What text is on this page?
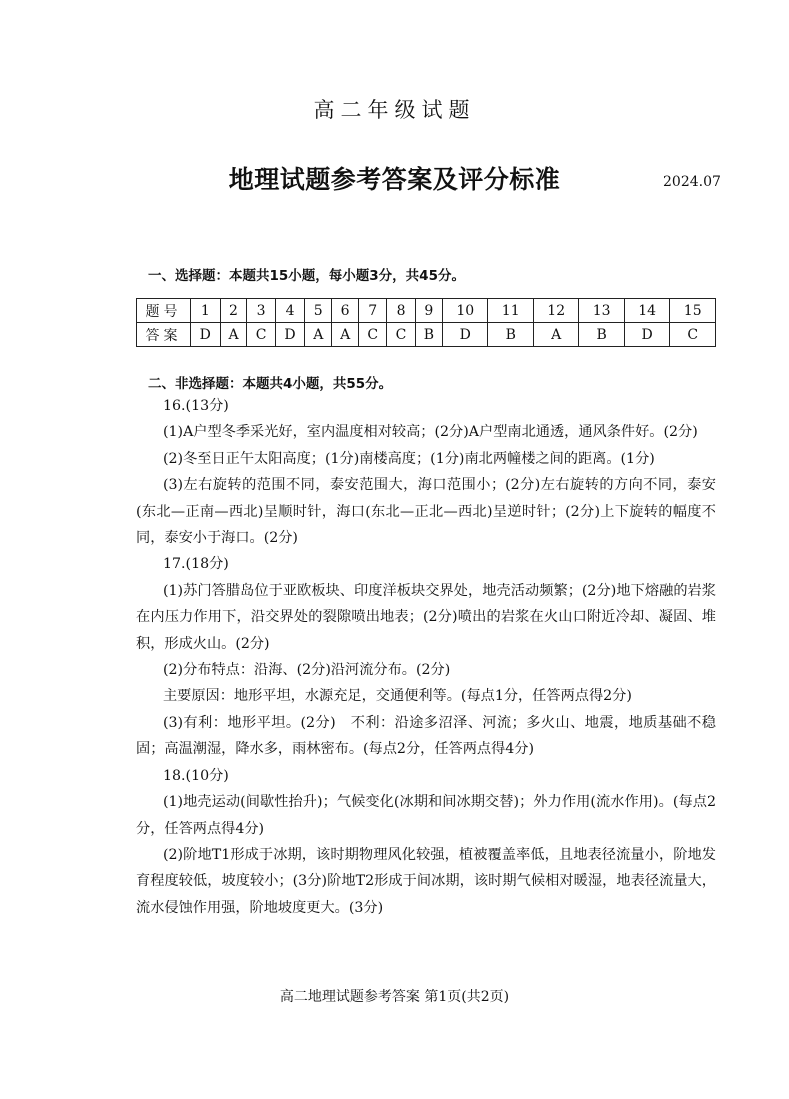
高二年级试题
地理试题参考答案及评分标准	2024.07
一、选择题：本题共15小题，每小题3分，共45分。
题号	1	2	3	4	5	6	7	8	9	10	11	12	13	14	15
答案	D	A	C	D	A	A	C	C	B	D	B	A	B	D	C
二、非选择题：本题共4小题，共55分。

16.(13分)

(1)A户型冬季采光好，室内温度相对较高；(2分)A户型南北通透，通风条件好。(2分)

(2)冬至日正午太阳高度；(1分)南楼高度；(1分)南北两幢楼之间的距离。(1分)

(3)左右旋转的范围不同，泰安范围大，海口范围小；(2分)左右旋转的方向不同，泰安(东北—正南—西北)呈顺时针，海口(东北—正北—西北)呈逆时针；(2分)上下旋转的幅度不同，泰安小于海口。(2分)

17.(18分)

(1)苏门答腊岛位于亚欧板块、印度洋板块交界处，地壳活动频繁；(2分)地下熔融的岩浆在内压力作用下，沿交界处的裂隙喷出地表；(2分)喷出的岩浆在火山口附近冷却、凝固、堆积，形成火山。(2分)

(2)分布特点：沿海、(2分)沿河流分布。(2分)

主要原因：地形平坦，水源充足，交通便利等。(每点1分，任答两点得2分)

(3)有利：地形平坦。(2分)　不利：沿途多沼泽、河流；多火山、地震，地质基础不稳固；高温潮湿，降水多，雨林密布。(每点2分，任答两点得4分)

18.(10分)

(1)地壳运动(间歇性抬升)；气候变化(冰期和间冰期交替)；外力作用(流水作用)。(每点2分，任答两点得4分)

(2)阶地T1形成于冰期，该时期物理风化较强，植被覆盖率低，且地表径流量小，阶地发育程度较低，坡度较小；(3分)阶地T2形成于间冰期，该时期气候相对暖湿，地表径流量大，流水侵蚀作用强，阶地坡度更大。(3分)

高二地理试题参考答案 第1页(共2页)
